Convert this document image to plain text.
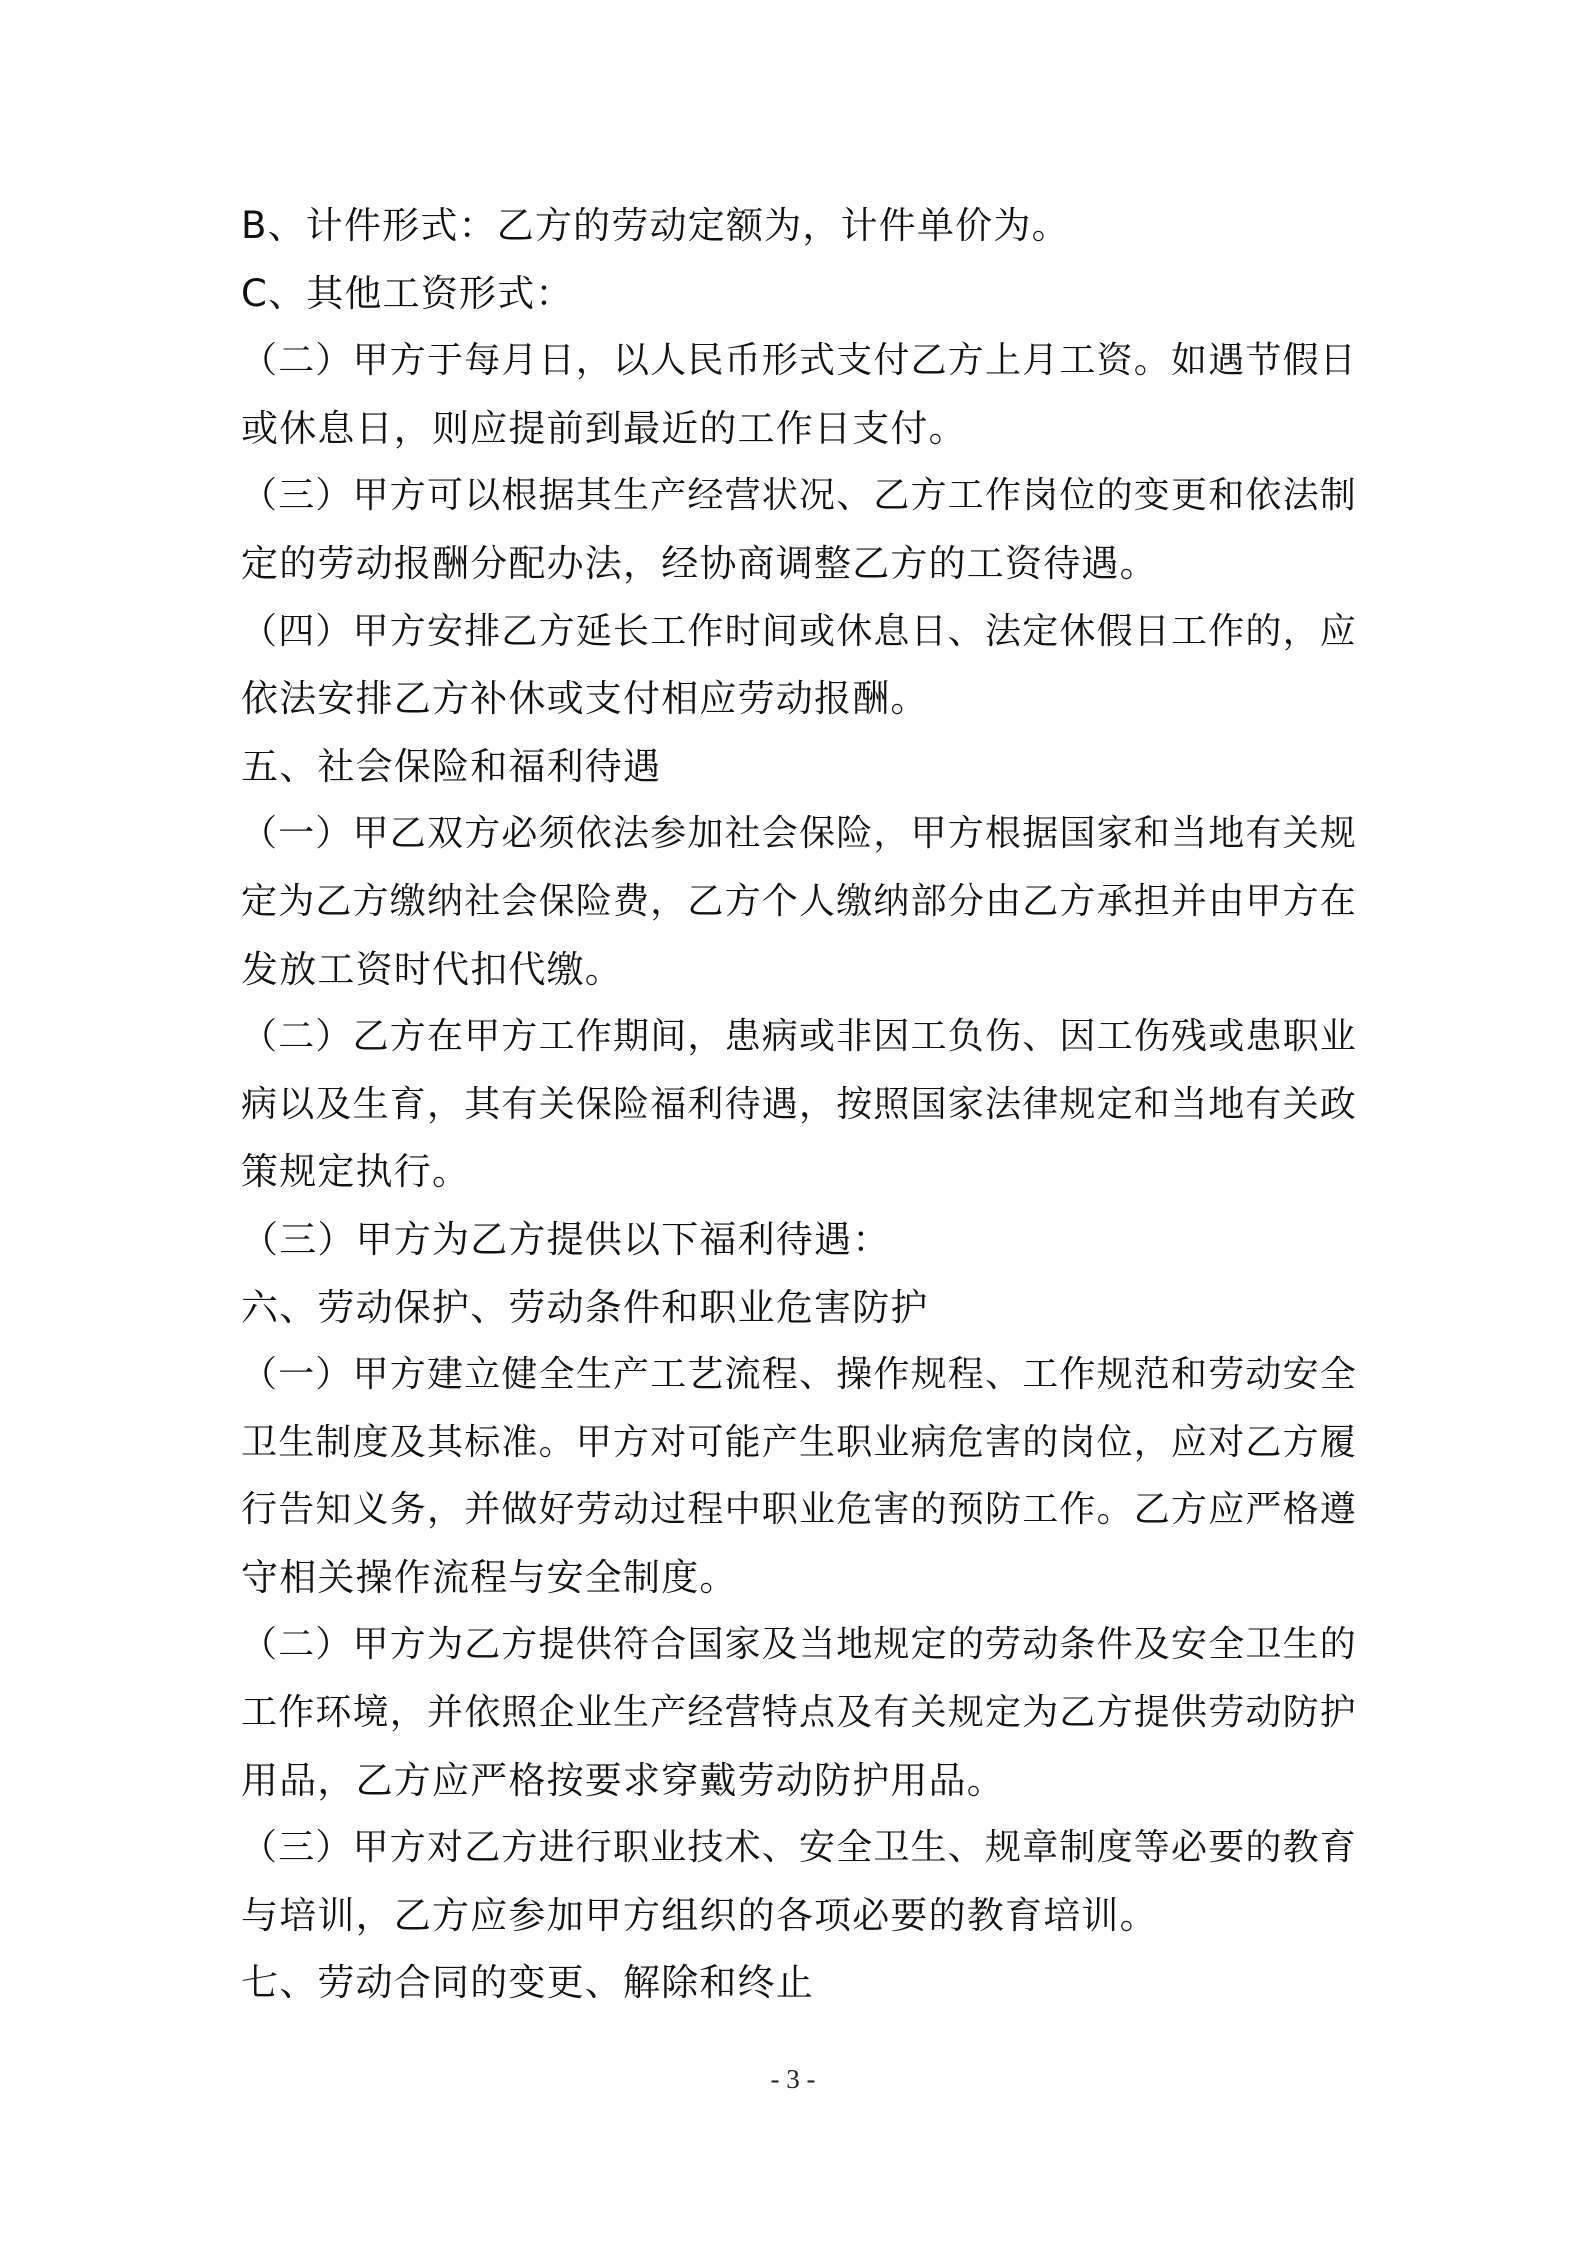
B、计件形式：乙方的劳动定额为，计件单价为。
C、其他工资形式：
（二）甲方于每月日，以人民币形式支付乙方上月工资。如遇节假日
或休息日，则应提前到最近的工作日支付。
（三）甲方可以根据其生产经营状况、乙方工作岗位的变更和依法制
定的劳动报酬分配办法，经协商调整乙方的工资待遇。
（四）甲方安排乙方延长工作时间或休息日、法定休假日工作的，应
依法安排乙方补休或支付相应劳动报酬。
五、社会保险和福利待遇
（一）甲乙双方必须依法参加社会保险，甲方根据国家和当地有关规
定为乙方缴纳社会保险费，乙方个人缴纳部分由乙方承担并由甲方在
发放工资时代扣代缴。
（二）乙方在甲方工作期间，患病或非因工负伤、因工伤残或患职业
病以及生育，其有关保险福利待遇，按照国家法律规定和当地有关政
策规定执行。
（三）甲方为乙方提供以下福利待遇：
六、劳动保护、劳动条件和职业危害防护
（一）甲方建立健全生产工艺流程、操作规程、工作规范和劳动安全
卫生制度及其标准。甲方对可能产生职业病危害的岗位，应对乙方履
行告知义务，并做好劳动过程中职业危害的预防工作。乙方应严格遵
守相关操作流程与安全制度。
（二）甲方为乙方提供符合国家及当地规定的劳动条件及安全卫生的
工作环境，并依照企业生产经营特点及有关规定为乙方提供劳动防护
用品，乙方应严格按要求穿戴劳动防护用品。
（三）甲方对乙方进行职业技术、安全卫生、规章制度等必要的教育
与培训，乙方应参加甲方组织的各项必要的教育培训。
七、劳动合同的变更、解除和终止
- 3 -
